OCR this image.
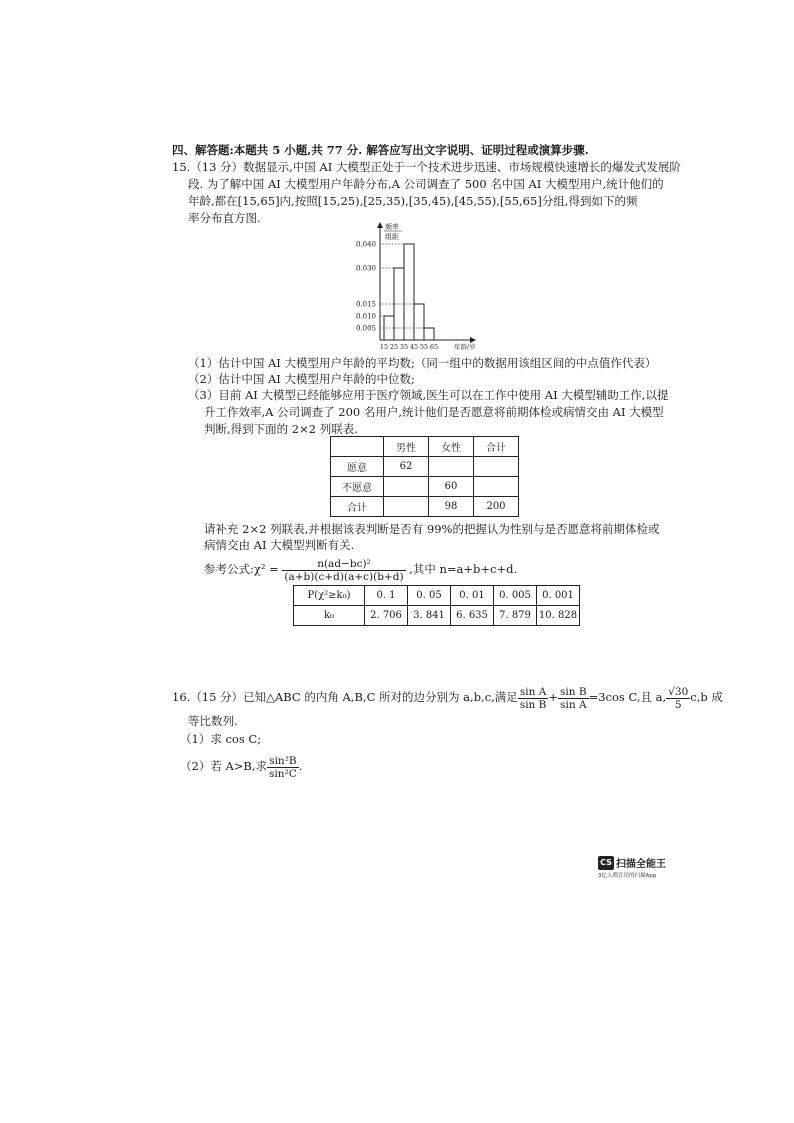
四、解答题:本题共 5 小题,共 77 分. 解答应写出文字说明、证明过程或演算步骤.
15.（13 分）数据显示,中国 AI 大模型正处于一个技术进步迅速、市场规模快速增长的爆发式发展阶
段. 为了解中国 AI 大模型用户年龄分布,A 公司调查了 500 名中国 AI 大模型用户,统计他们的
年龄,都在[15,65]内,按照[15,25),[25,35),[35,45),[45,55),[55,65]分组,得到如下的频
率分布直方图.
0.005
0.010
0.015
0.030
0.040
15 25 35 45 55 65 年龄/岁
频率
组距
（1）估计中国 AI 大模型用户年龄的平均数;（同一组中的数据用该组区间的中点值作代表）
（2）估计中国 AI 大模型用户年龄的中位数;
（3）目前 AI 大模型已经能够应用于医疗领域,医生可以在工作中使用 AI 大模型辅助工作,以提
升工作效率,A 公司调查了 200 名用户,统计他们是否愿意将前期体检或病情交由 AI 大模型
判断,得到下面的 2×2 列联表.
	男性	女性	合计
愿意	62		
不愿意		60	
合计		98	200
请补充 2×2 列联表,并根据该表判断是否有 99%的把握认为性别与是否愿意将前期体检或
病情交由 AI 大模型判断有关.
参考公式:χ² = $\frac{\text{n(ad−bc)²}}{(a+b)(c+d)(a+c)(b+d)}$ ,其中 n=a+b+c+d.
P(χ²≥k₀)	0. 1	0. 05	0. 01	0. 005	0. 001
k₀	2. 706	3. 841	6. 635	7. 879	10. 828
16.（15 分）已知△ABC 的内角 A,B,C 所对的边分别为 a,b,c,满足 $\frac{\text{sin A}}{\text{sin B}} + \frac{\text{sin B}}{\text{sin A}} =3\cos$ C,且 a, $\frac{√30}{5} c,b$ 成
等比数列.
（1）求 cos C;
（2）若 A>B,求 $\frac{\text{sin²B}}{\text{sin²C}}$ .
CS 扫描全能王
3亿人都在用的扫描App
